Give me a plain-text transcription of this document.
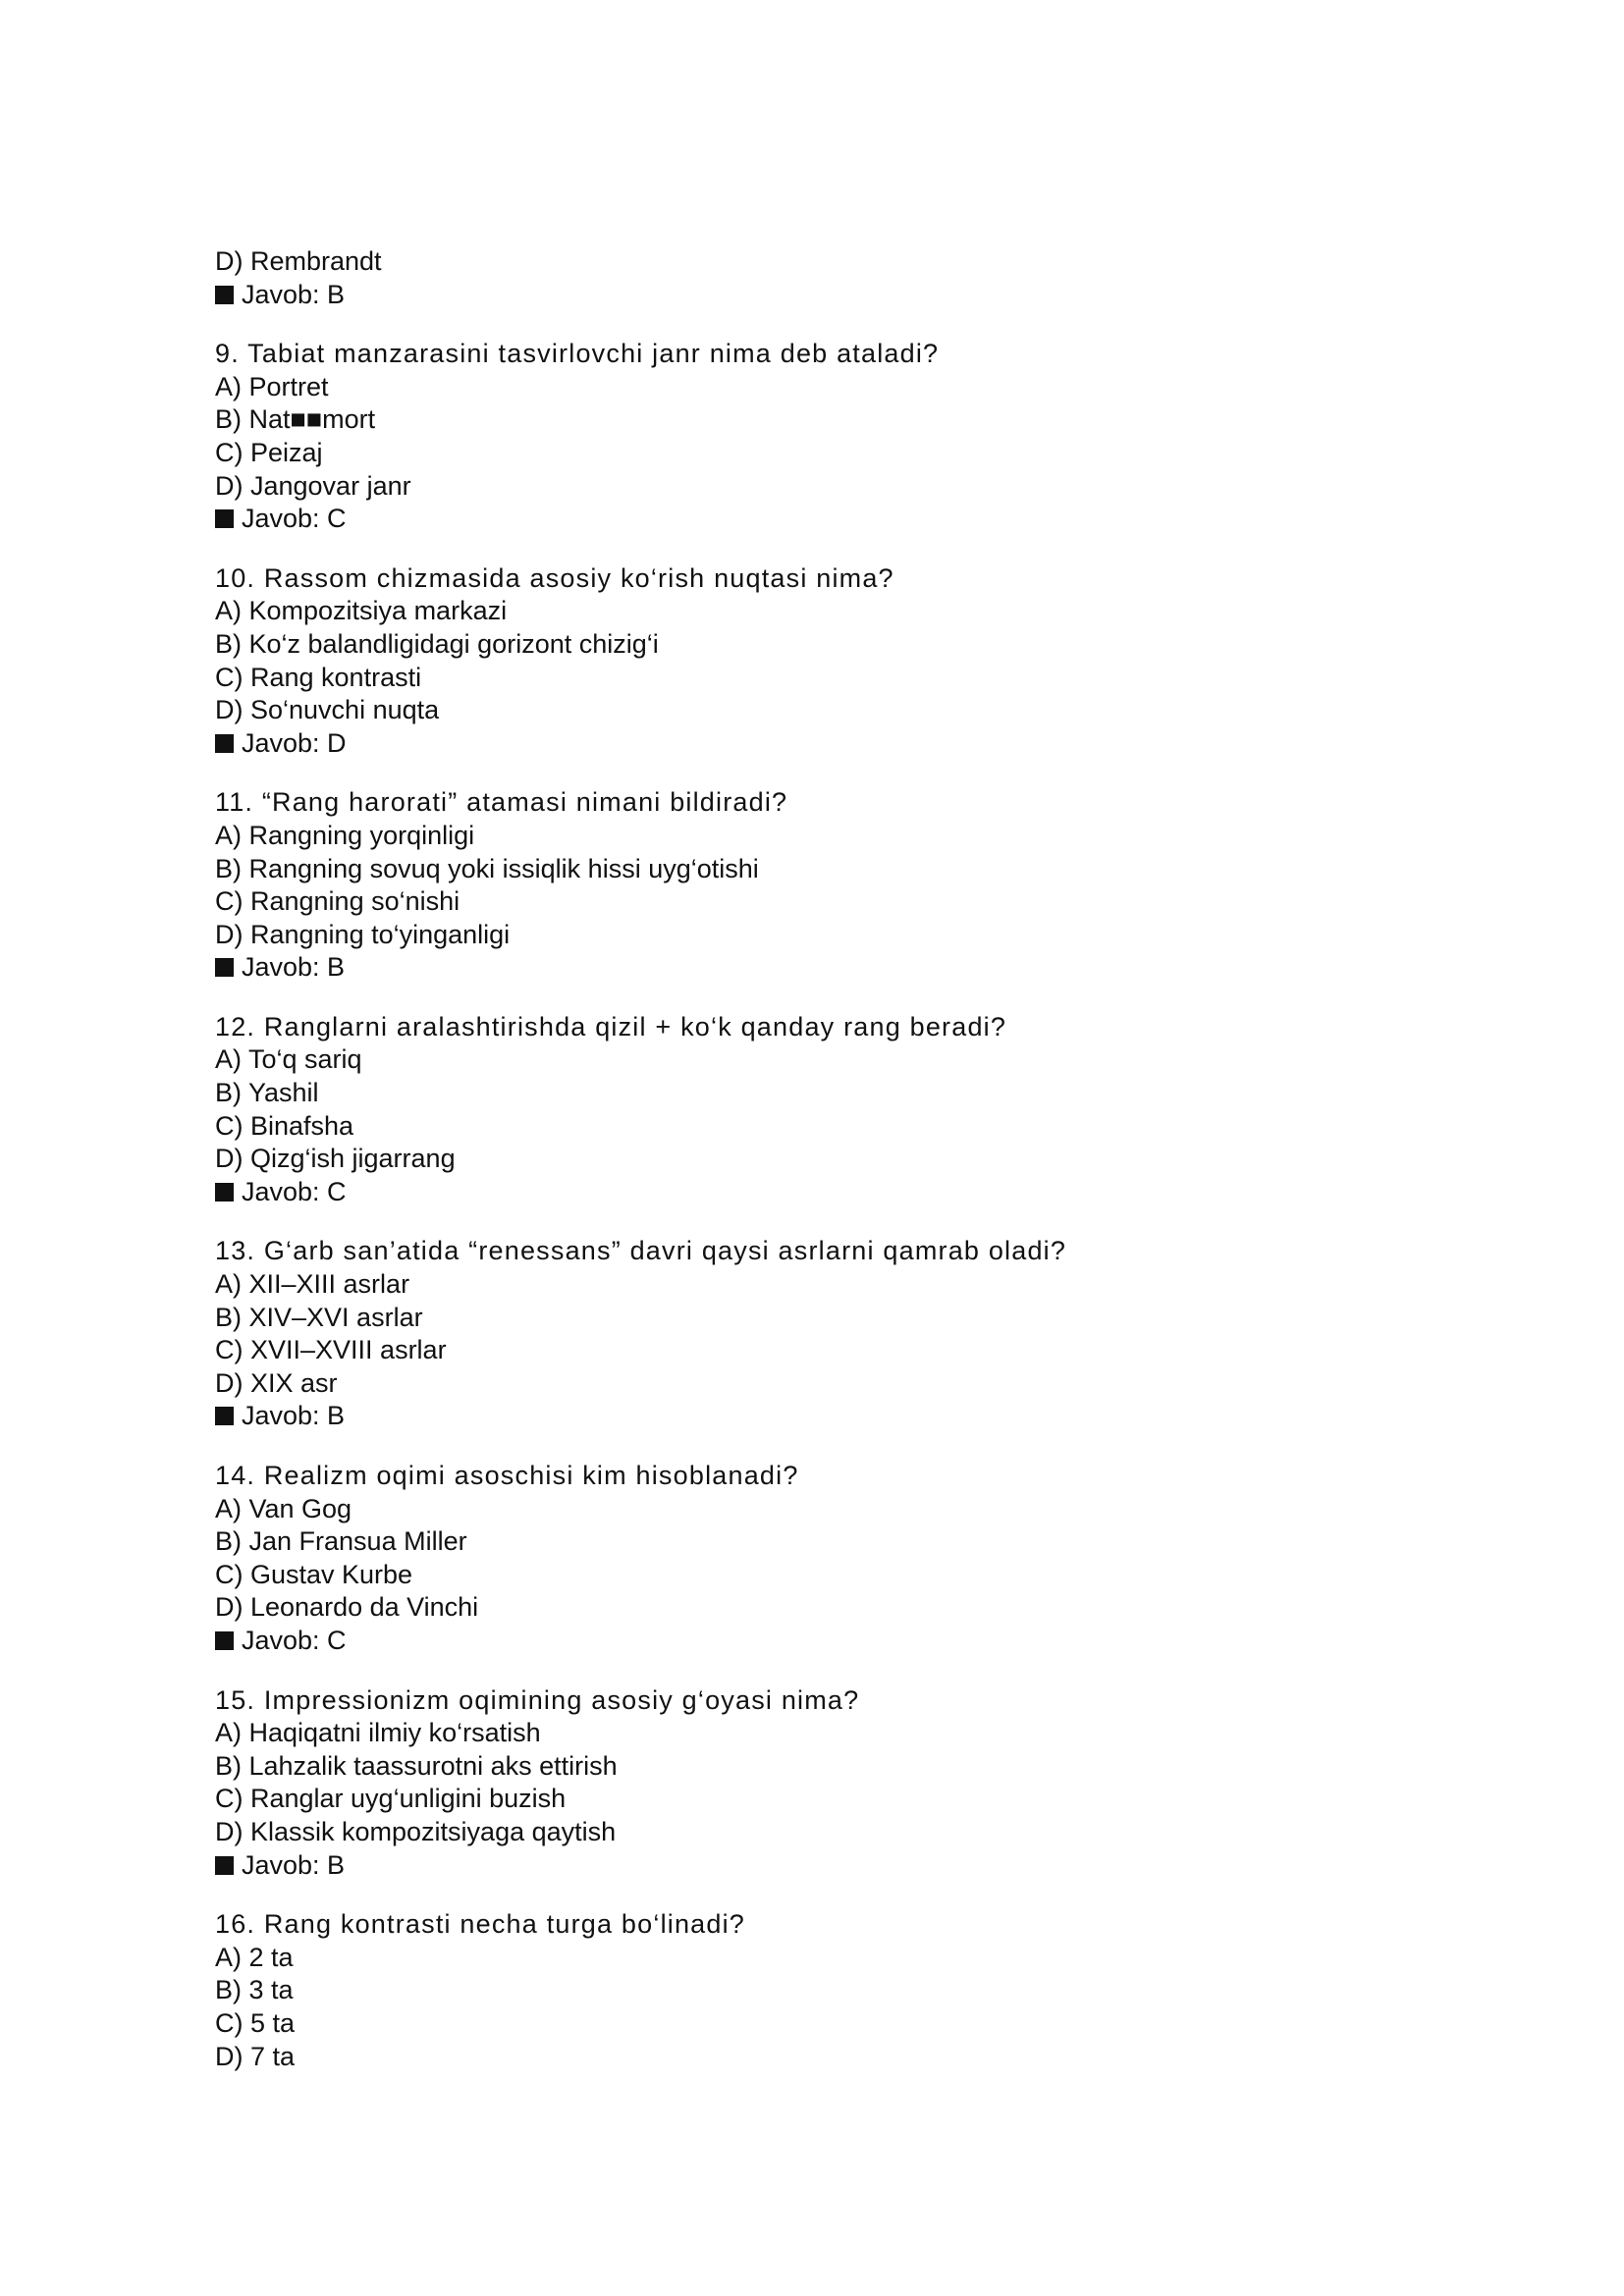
D) Rembrandt
Javob: B
9. Tabiat manzarasini tasvirlovchi janr nima deb ataladi?
A) Portret
B) Nat■■mort
C) Peizaj
D) Jangovar janr
Javob: C
10. Rassom chizmasida asosiy ko‘rish nuqtasi nima?
A) Kompozitsiya markazi
B) Ko‘z balandligidagi gorizont chizig‘i
C) Rang kontrasti
D) So‘nuvchi nuqta
Javob: D
11. “Rang harorati” atamasi nimani bildiradi?
A) Rangning yorqinligi
B) Rangning sovuq yoki issiqlik hissi uyg‘otishi
C) Rangning so‘nishi
D) Rangning to‘yinganligi
Javob: B
12. Ranglarni aralashtirishda qizil + ko‘k qanday rang beradi?
A) To‘q sariq
B) Yashil
C) Binafsha
D) Qizg‘ish jigarrang
Javob: C
13. G‘arb san’atida “renessans” davri qaysi asrlarni qamrab oladi?
A) XII–XIII asrlar
B) XIV–XVI asrlar
C) XVII–XVIII asrlar
D) XIX asr
Javob: B
14. Realizm oqimi asoschisi kim hisoblanadi?
A) Van Gog
B) Jan Fransua Miller
C) Gustav Kurbe
D) Leonardo da Vinchi
Javob: C
15. Impressionizm oqimining asosiy g‘oyasi nima?
A) Haqiqatni ilmiy ko‘rsatish
B) Lahzalik taassurotni aks ettirish
C) Ranglar uyg‘unligini buzish
D) Klassik kompozitsiyaga qaytish
Javob: B
16. Rang kontrasti necha turga bo‘linadi?
A) 2 ta
B) 3 ta
C) 5 ta
D) 7 ta
